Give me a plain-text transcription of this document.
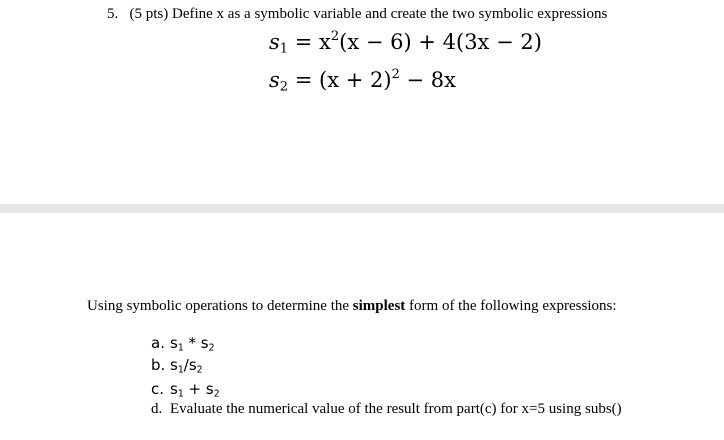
5. (5 pts) Define x as a symbolic variable and create the two symbolic expressions
$s_1 = x^2(x - 6) + 4(3x - 2)$
$s_2 = (x + 2)^2 - 8x$
Using symbolic operations to determine the simplest form of the following expressions:
a. $s_1 * s_2$
b. $s_1/s_2$
c. $s_1 + s_2$
d. Evaluate the numerical value of the result from part(c) for x=5 using subs()
